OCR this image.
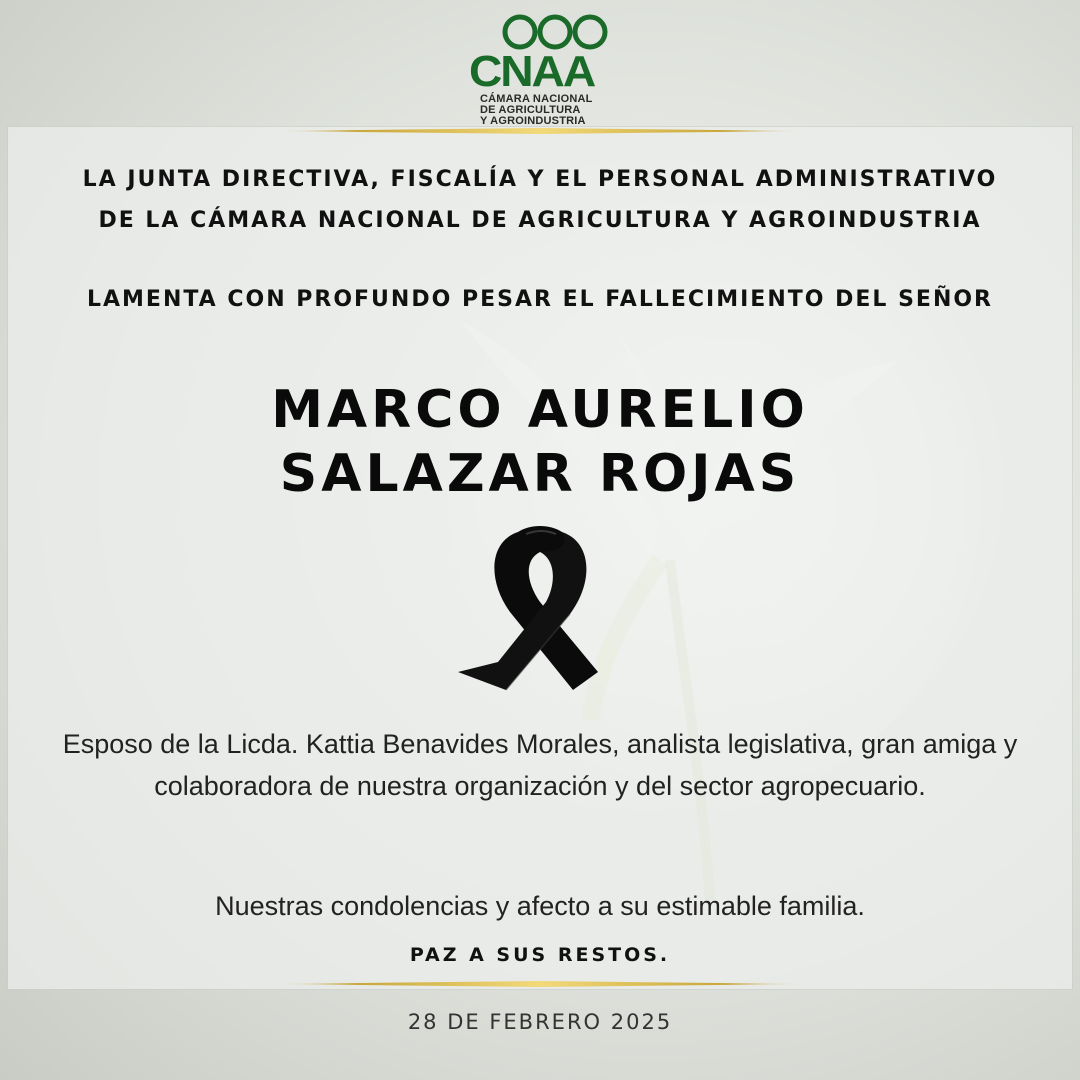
CNAA
CÁMARA NACIONAL
DE AGRICULTURA
Y AGROINDUSTRIA
LA JUNTA DIRECTIVA, FISCALÍA Y EL PERSONAL ADMINISTRATIVO
DE LA CÁMARA NACIONAL DE AGRICULTURA Y AGROINDUSTRIA
LAMENTA CON PROFUNDO PESAR EL FALLECIMIENTO DEL SEÑOR
MARCO AURELIO
SALAZAR ROJAS
Esposo de la Licda. Kattia Benavides Morales, analista legislativa, gran amiga y colaboradora de nuestra organización y del sector agropecuario.
Nuestras condolencias y afecto a su estimable familia.
PAZ A SUS RESTOS.
28 DE FEBRERO 2025
